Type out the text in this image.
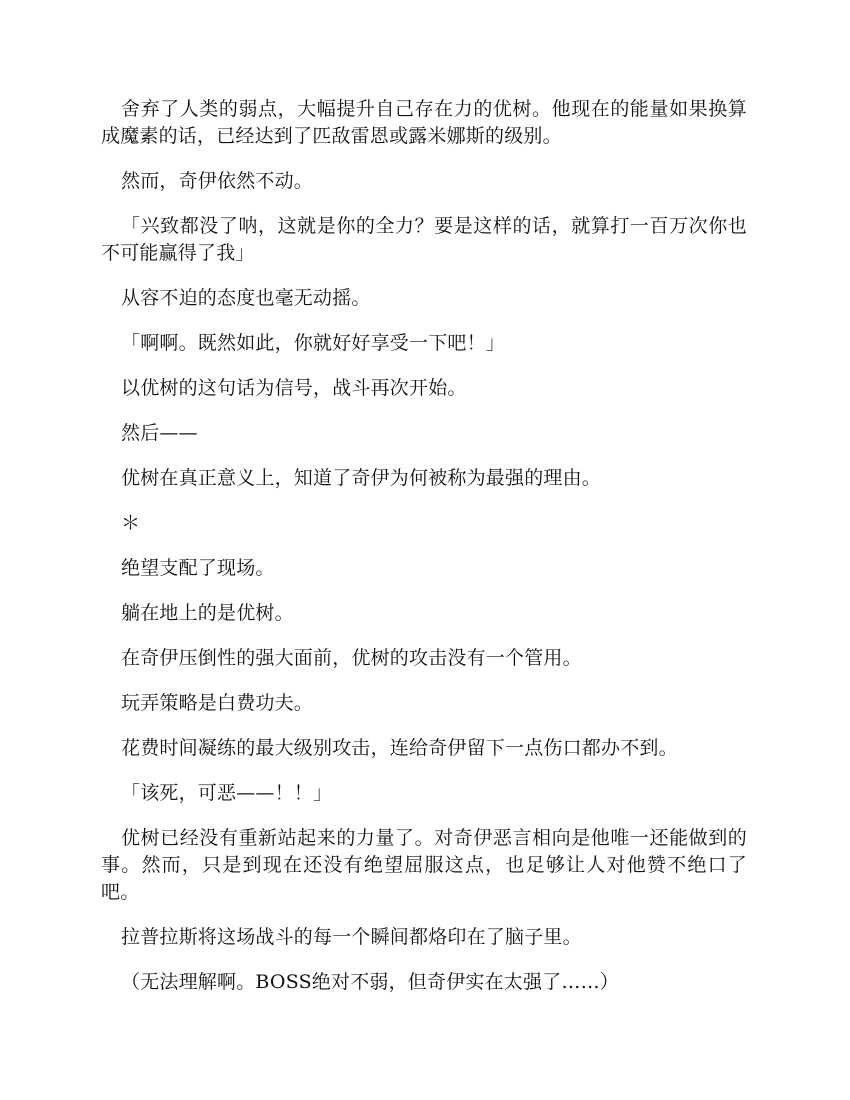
舍弃了人类的弱点，大幅提升自己存在力的优树。他现在的能量如果换算成魔素的话，已经达到了匹敌雷恩或露米娜斯的级别。

然而，奇伊依然不动。

「兴致都没了呐，这就是你的全力？要是这样的话，就算打一百万次你也不可能赢得了我」

从容不迫的态度也毫无动摇。

「啊啊。既然如此，你就好好享受一下吧！」

以优树的这句话为信号，战斗再次开始。

然后——

优树在真正意义上，知道了奇伊为何被称为最强的理由。

＊

绝望支配了现场。

躺在地上的是优树。

在奇伊压倒性的强大面前，优树的攻击没有一个管用。

玩弄策略是白费功夫。

花费时间凝练的最大级别攻击，连给奇伊留下一点伤口都办不到。

「该死，可恶——！！」

优树已经没有重新站起来的力量了。对奇伊恶言相向是他唯一还能做到的事。然而，只是到现在还没有绝望屈服这点，也足够让人对他赞不绝口了吧。

拉普拉斯将这场战斗的每一个瞬间都烙印在了脑子里。

（无法理解啊。BOSS绝对不弱，但奇伊实在太强了……）
